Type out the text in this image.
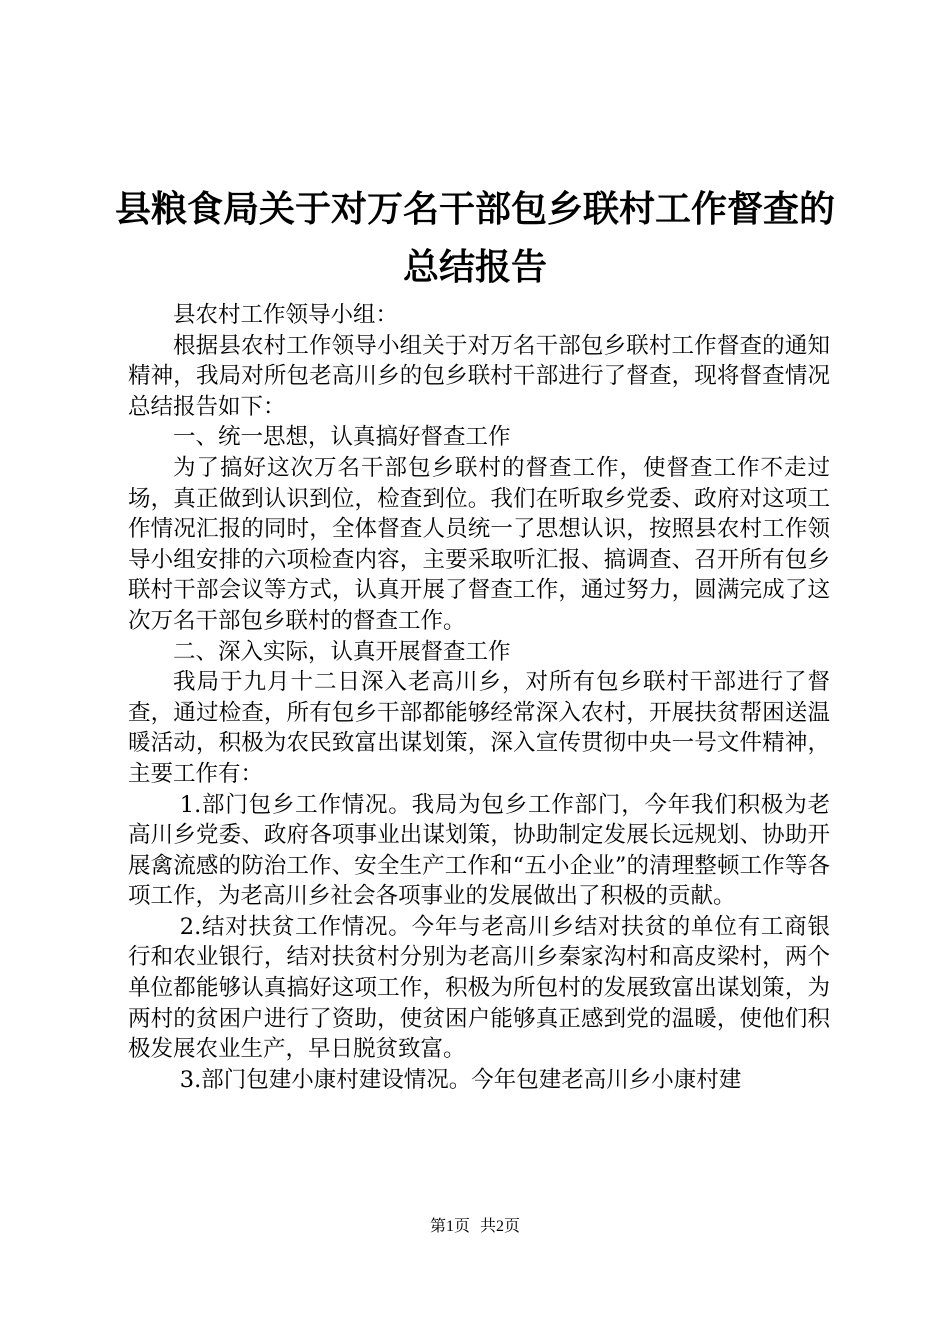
县粮食局关于对万名干部包乡联村工作督查的
总结报告

县农村工作领导小组：

根据县农村工作领导小组关于对万名干部包乡联村工作督查的通知精神，我局对所包老高川乡的包乡联村干部进行了督查，现将督查情况总结报告如下：

一、统一思想，认真搞好督查工作

为了搞好这次万名干部包乡联村的督查工作，使督查工作不走过场，真正做到认识到位，检查到位。我们在听取乡党委、政府对这项工作情况汇报的同时，全体督查人员统一了思想认识，按照县农村工作领导小组安排的六项检查内容，主要采取听汇报、搞调查、召开所有包乡联村干部会议等方式，认真开展了督查工作，通过努力，圆满完成了这次万名干部包乡联村的督查工作。

二、深入实际，认真开展督查工作

我局于九月十二日深入老高川乡，对所有包乡联村干部进行了督查，通过检查，所有包乡干部都能够经常深入农村，开展扶贫帮困送温暖活动，积极为农民致富出谋划策，深入宣传贯彻中央一号文件精神，主要工作有：

1.部门包乡工作情况。我局为包乡工作部门，今年我们积极为老高川乡党委、政府各项事业出谋划策，协助制定发展长远规划、协助开展禽流感的防治工作、安全生产工作和“五小企业”的清理整顿工作等各项工作，为老高川乡社会各项事业的发展做出了积极的贡献。

2.结对扶贫工作情况。今年与老高川乡结对扶贫的单位有工商银行和农业银行，结对扶贫村分别为老高川乡秦家沟村和高皮梁村，两个单位都能够认真搞好这项工作，积极为所包村的发展致富出谋划策，为两村的贫困户进行了资助，使贫困户能够真正感到党的温暖，使他们积极发展农业生产，早日脱贫致富。

3.部门包建小康村建设情况。今年包建老高川乡小康村建

第1页 共2页
